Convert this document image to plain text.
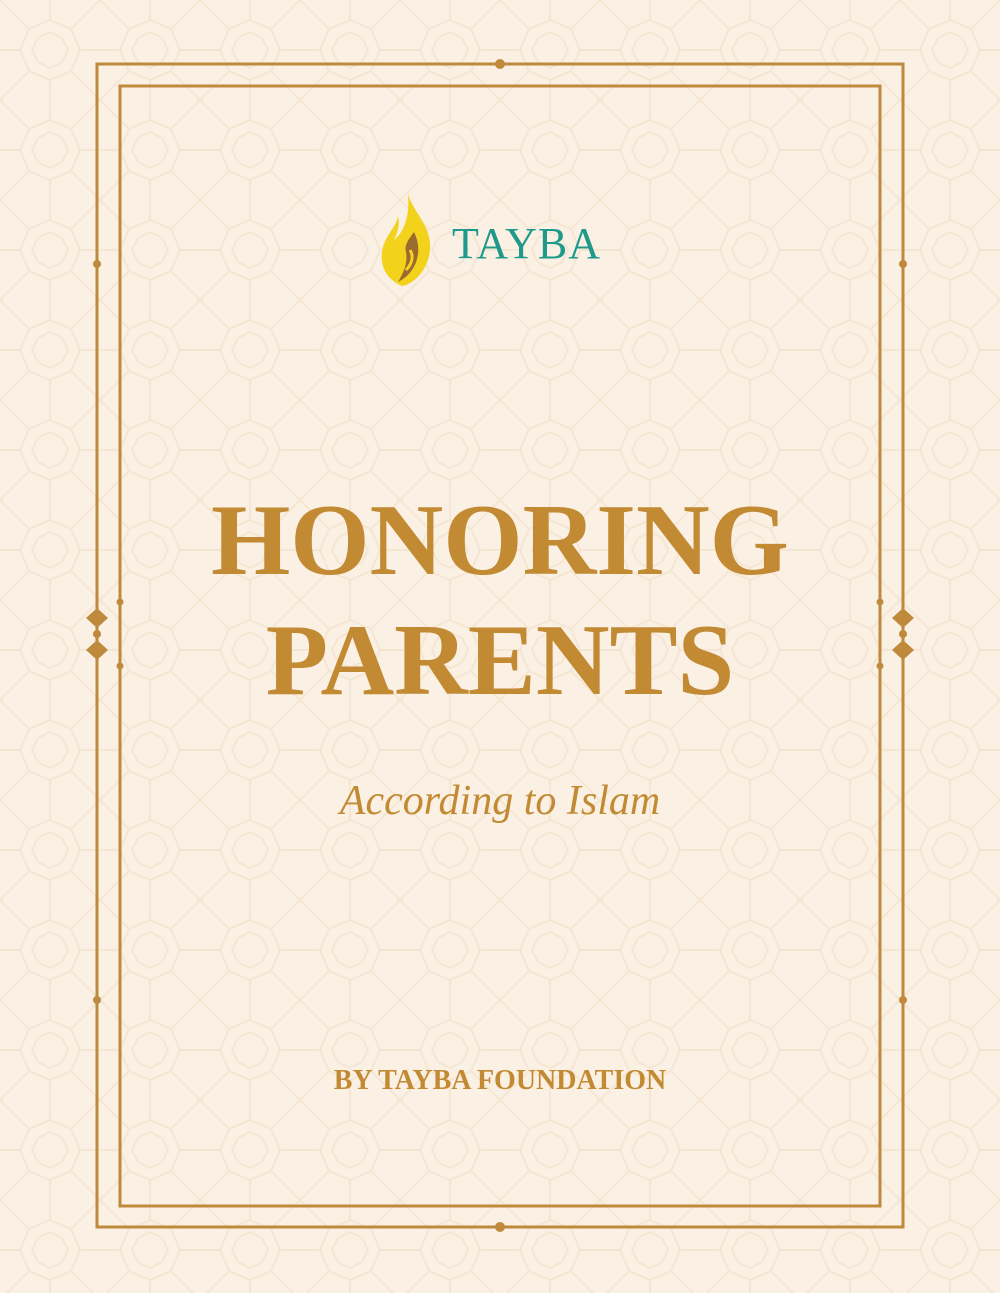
TAYBA
HONORING
PARENTS
According to Islam
BY TAYBA FOUNDATION
